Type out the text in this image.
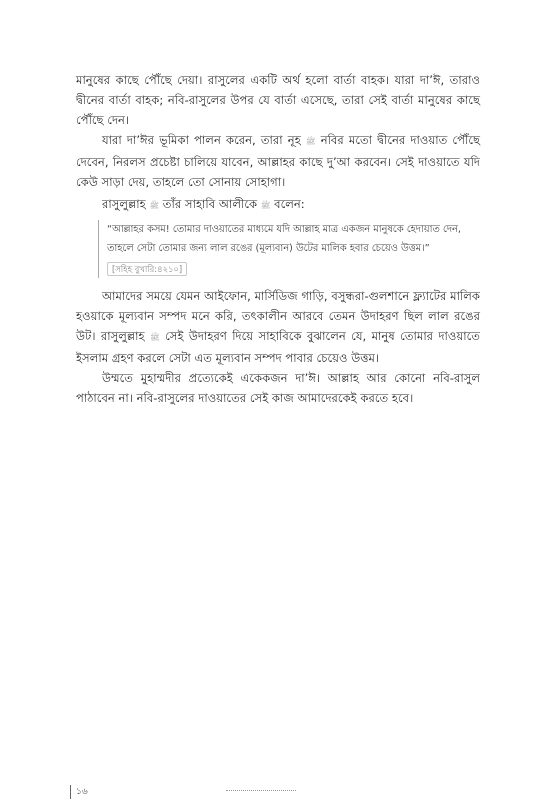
মানুষের কাছে পৌঁছে দেয়া। রাসুলের একটি অর্থ হলো বার্তা বাহক। যারা দা’ঈ, তারাও দ্বীনের বার্তা বাহক; নবি-রাসুলের উপর যে বার্তা এসেছে, তারা সেই বার্তা মানুষের কাছে পৌঁছে দেন।

যারা দা’ঈর ভূমিকা পালন করেন, তারা নূহ ﷺ নবির মতো দ্বীনের দাওয়াত পৌঁছে দেবেন, নিরলস প্রচেষ্টা চালিয়ে যাবেন, আল্লাহর কাছে দু’আ করবেন। সেই দাওয়াতে যদি কেউ সাড়া দেয়, তাহলে তো সোনায় সোহাগা।

রাসুলুল্লাহ ﷺ তাঁর সাহাবি আলীকে ﷺ বলেন:

“আল্লাহর কসম! তোমার দাওয়াতের মাধ্যমে যদি আল্লাহ মাত্র একজন মানুষকে হেদায়াত দেন, তাহলে সেটা তোমার জন্য লাল রঙের (মূল্যবান) উটের মালিক হবার চেয়েও উত্তম।”

[সহিহ বুখারি:৪২১০]

আমাদের সময়ে যেমন আইফোন, মার্সিডিজ গাড়ি, বসুন্ধরা-গুলশানে ফ্ল্যাটের মালিক হওয়াকে মূল্যবান সম্পদ মনে করি, তৎকালীন আরবে তেমন উদাহরণ ছিল লাল রঙের উট। রাসুলুল্লাহ ﷺ সেই উদাহরণ দিয়ে সাহাবিকে বুঝালেন যে, মানুষ তোমার দাওয়াতে ইসলাম গ্রহণ করলে সেটা এত মূল্যবান সম্পদ পাবার চেয়েও উত্তম।

উম্মতে মুহাম্মদীর প্রত্যেকেই একেকজন দা’ঈ। আল্লাহ আর কোনো নবি-রাসুল পাঠাবেন না। নবি-রাসুলের দাওয়াতের সেই কাজ আমাদেরকেই করতে হবে।

১৬
